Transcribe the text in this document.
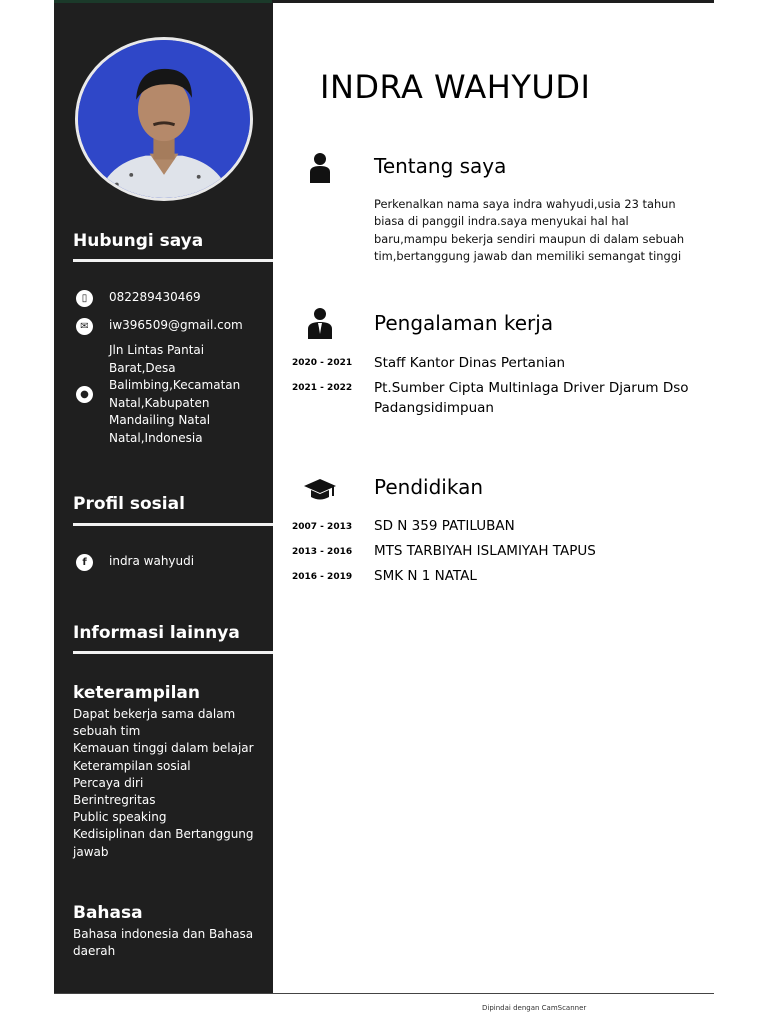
Hubungi saya
▯	082289430469
✉	iw396509@gmail.com
●
Jln Lintas Pantai Barat,Desa Balimbing,Kecamatan Natal,Kabupaten Mandailing Natal Natal,Indonesia
Profil sosial
f	indra wahyudi
Informasi lainnya
keterampilan
Dapat bekerja sama dalam sebuah tim
Kemauan tinggi dalam belajar
Keterampilan sosial
Percaya diri
Berintregritas
Public speaking
Kedisiplinan dan Bertanggung jawab
Bahasa
Bahasa indonesia dan Bahasa daerah
INDRA WAHYUDI
Tentang saya
Perkenalkan nama saya indra wahyudi,usia 23 tahun biasa di panggil indra.saya menyukai hal hal baru,mampu bekerja sendiri maupun di dalam sebuah tim,bertanggung jawab dan memiliki semangat tinggi
Pengalaman kerja
2020 - 2021 Staff Kantor Dinas Pertanian
2021 - 2022 Pt.Sumber Cipta Multinlaga Driver Djarum Dso Padangsidimpuan
Pendidikan
2007 - 2013 SD N 359 PATILUBAN
2013 - 2016 MTS TARBIYAH ISLAMIYAH TAPUS
2016 - 2019 SMK N 1 NATAL
Dipindai dengan CamScanner
